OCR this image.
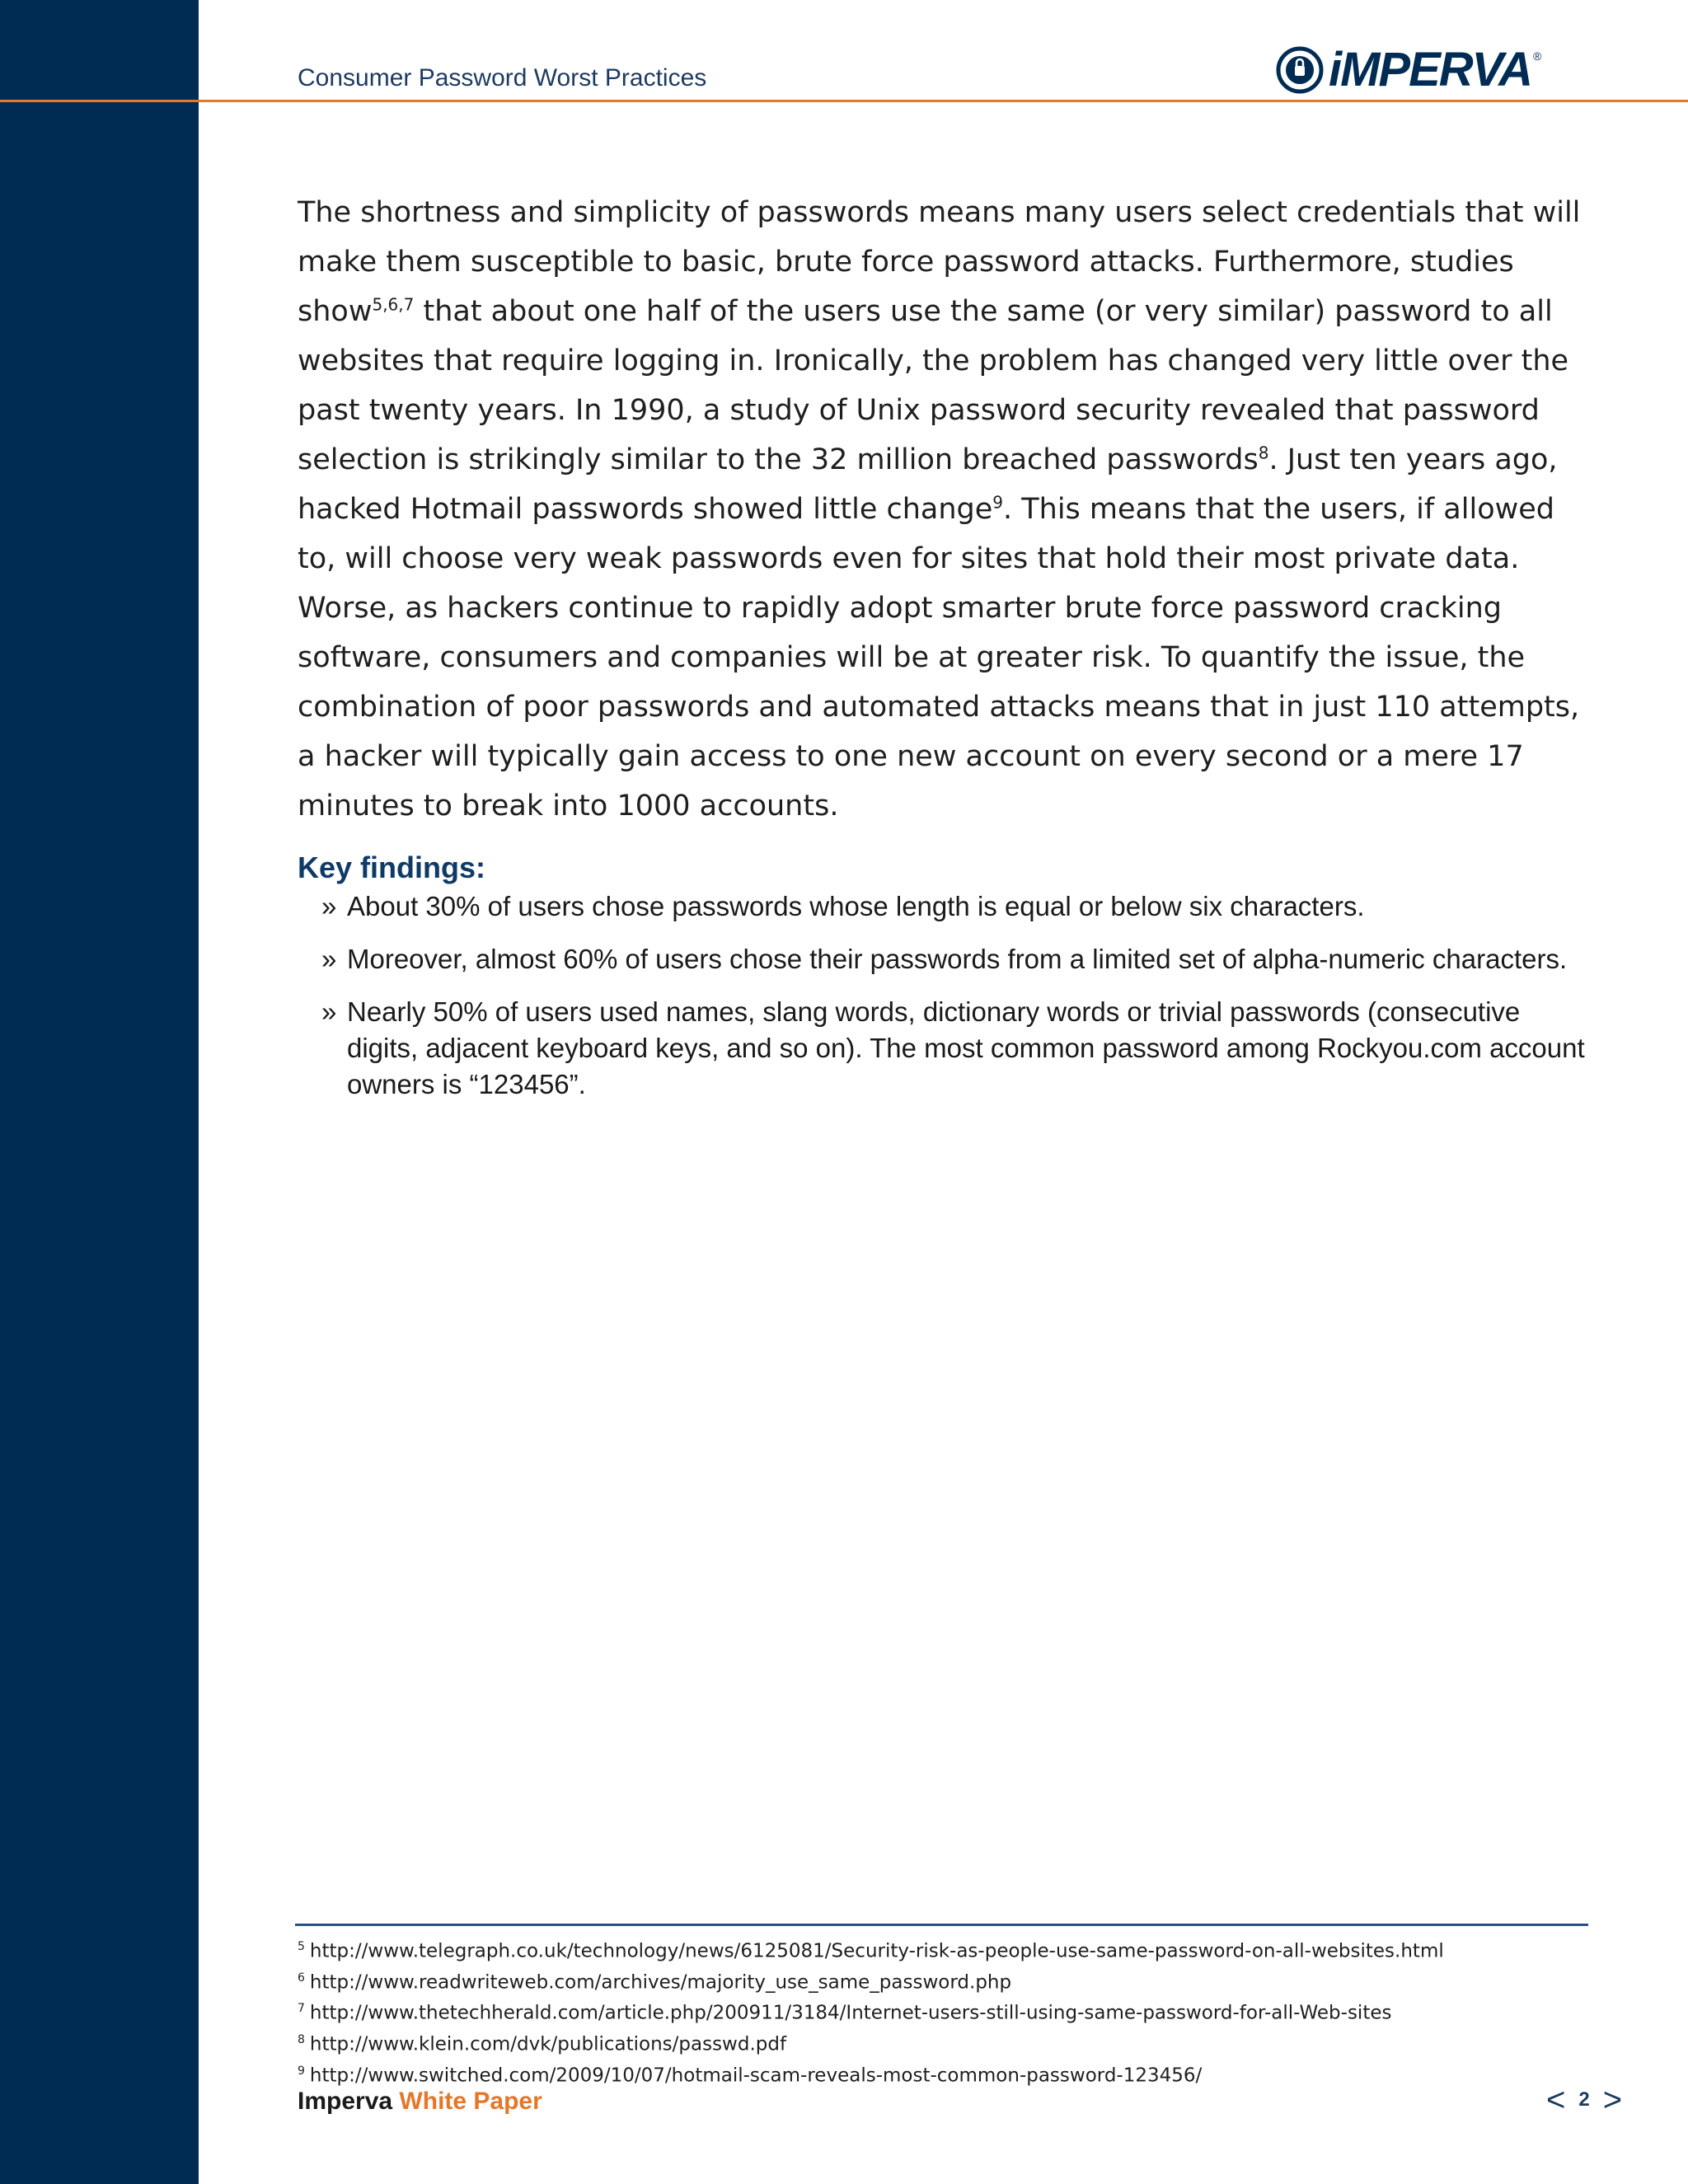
Consumer Password Worst Practices	iMPERVA ®

The shortness and simplicity of passwords means many users select credentials that will make them susceptible to basic, brute force password attacks. Furthermore, studies show$^{5,6,7}$ that about one half of the users use the same (or very similar) password to all websites that require logging in. Ironically, the problem has changed very little over the past twenty years. In 1990, a study of Unix password security revealed that password selection is strikingly similar to the 32 million breached passwords$^8$. Just ten years ago, hacked Hotmail passwords showed little change$^9$. This means that the users, if allowed to, will choose very weak passwords even for sites that hold their most private data. Worse, as hackers continue to rapidly adopt smarter brute force password cracking software, consumers and companies will be at greater risk. To quantify the issue, the combination of poor passwords and automated attacks means that in just 110 attempts, a hacker will typically gain access to one new account on every second or a mere 17 minutes to break into 1000 accounts.

Key findings:
» About 30% of users chose passwords whose length is equal or below six characters.
» Moreover, almost 60% of users chose their passwords from a limited set of alpha-numeric characters.
» Nearly 50% of users used names, slang words, dictionary words or trivial passwords (consecutive digits, adjacent keyboard keys, and so on). The most common password among Rockyou.com account owners is “123456”.
$^5$ http://www.telegraph.co.uk/technology/news/6125081/Security-risk-as-people-use-same-password-on-all-websites.html
$^6$ http://www.readwriteweb.com/archives/majority_use_same_password.php
$^7$ http://www.thetechherald.com/article.php/200911/3184/Internet-users-still-using-same-password-for-all-Web-sites
$^8$ http://www.klein.com/dvk/publications/passwd.pdf
$^9$ http://www.switched.com/2009/10/07/hotmail-scam-reveals-most-common-password-123456/
Imperva White Paper	< 2 >
